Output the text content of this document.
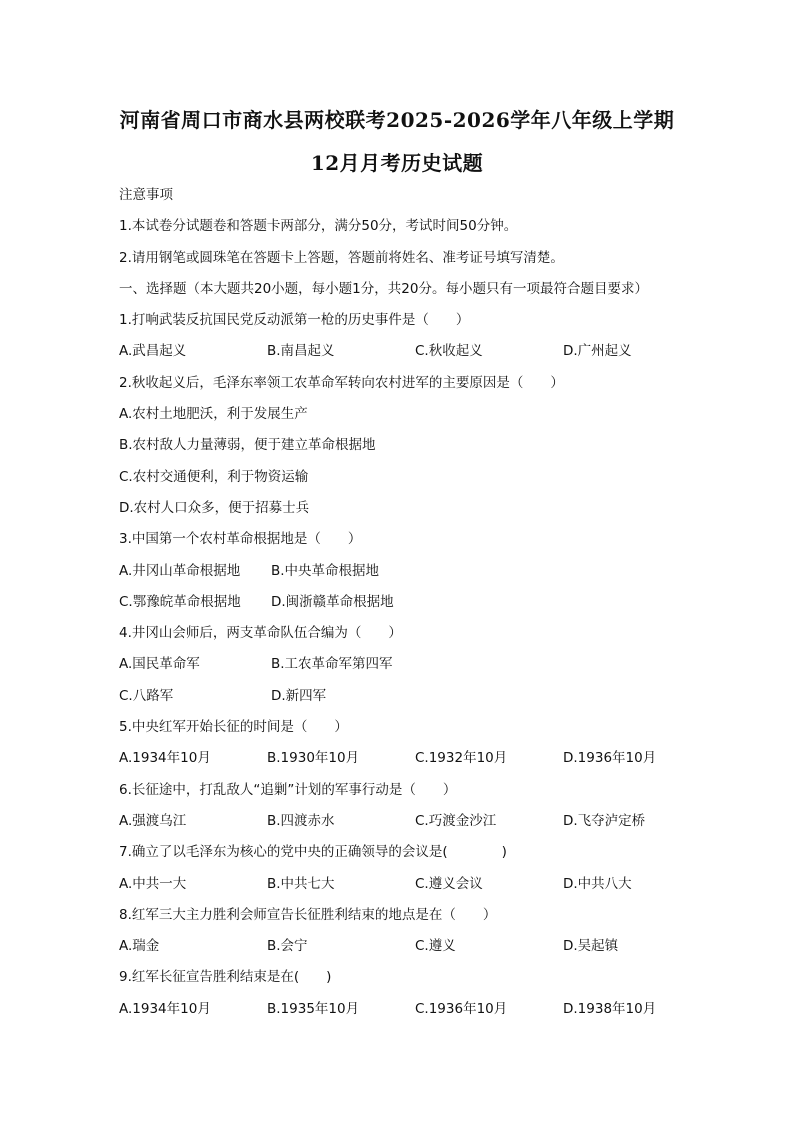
河南省周口市商水县两校联考2025-2026学年八年级上学期
12月月考历史试题
注意事项
1.本试卷分试题卷和答题卡两部分，满分50分，考试时间50分钟。
2.请用钢笔或圆珠笔在答题卡上答题，答题前将姓名、准考证号填写清楚。
一、选择题（本大题共20小题，每小题1分，共20分。每小题只有一项最符合题目要求）
1.打响武装反抗国民党反动派第一枪的历史事件是（　　）
A.武昌起义	B.南昌起义	C.秋收起义	D.广州起义
2.秋收起义后，毛泽东率领工农革命军转向农村进军的主要原因是（　　）
A.农村土地肥沃，利于发展生产
B.农村敌人力量薄弱，便于建立革命根据地
C.农村交通便利，利于物资运输
D.农村人口众多，便于招募士兵
3.中国第一个农村革命根据地是（　　）
A.井冈山革命根据地	B.中央革命根据地
C.鄂豫皖革命根据地	D.闽浙赣革命根据地
4.井冈山会师后，两支革命队伍合编为（　　）
A.国民革命军	B.工农革命军第四军
C.八路军	D.新四军
5.中央红军开始长征的时间是（　　）
A.1934年10月	B.1930年10月	C.1932年10月	D.1936年10月
6.长征途中，打乱敌人“追剿”计划的军事行动是（　　）
A.强渡乌江	B.四渡赤水	C.巧渡金沙江	D.飞夺泸定桥
7.确立了以毛泽东为核心的党中央的正确领导的会议是(　　　　)
A.中共一大	B.中共七大	C.遵义会议	D.中共八大
8.红军三大主力胜利会师宣告长征胜利结束的地点是在（　　）
A.瑞金	B.会宁	C.遵义	D.吴起镇
9.红军长征宣告胜利结束是在(　　)
A.1934年10月	B.1935年10月	C.1936年10月	D.1938年10月
